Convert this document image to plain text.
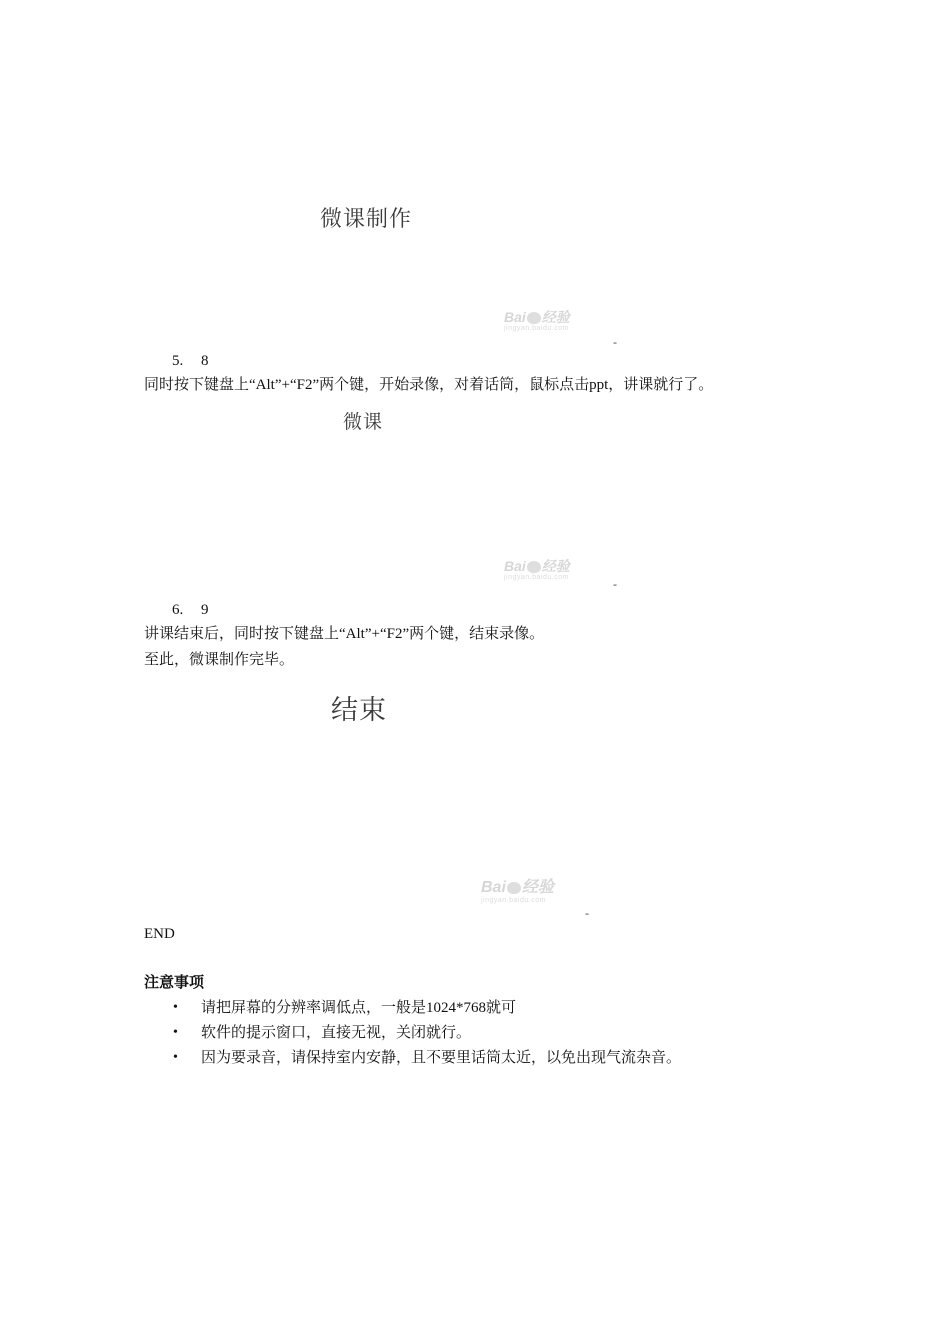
微课制作
Bai 经验
jingyan.baidu.com
-
5. 8
同时按下键盘上“Alt”+“F2”两个键，开始录像，对着话筒，鼠标点击ppt，讲课就行了。
微课
Bai 经验
jingyan.baidu.com	-
6. 9
讲课结束后，同时按下键盘上“Alt”+“F2”两个键，结束录像。
至此，微课制作完毕。
结束
Bai 经验
jingyan.baidu.com
-
END
注意事项
• 请把屏幕的分辨率调低点，一般是1024*768就可
• 软件的提示窗口，直接无视，关闭就行。
• 因为要录音，请保持室内安静，且不要里话筒太近，以免出现气流杂音。
